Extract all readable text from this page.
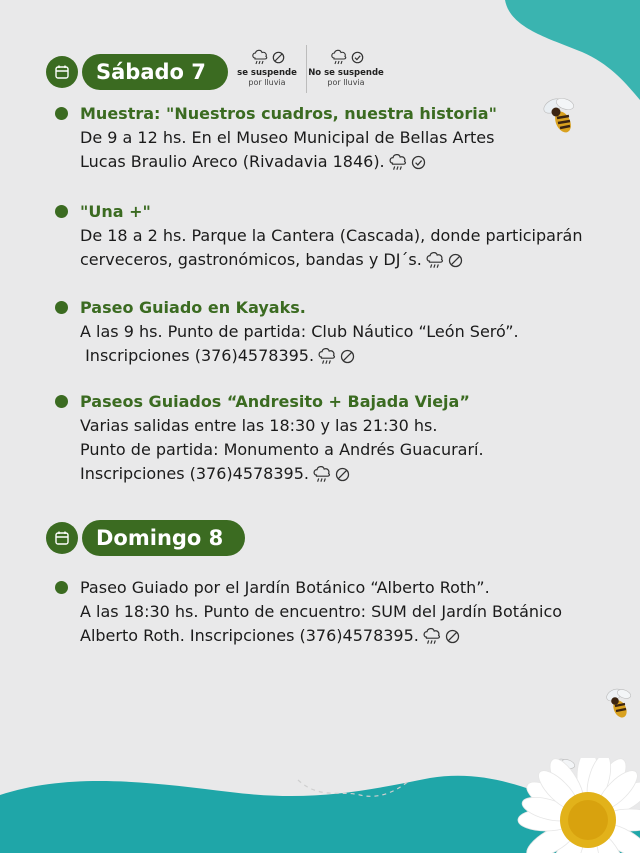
se suspende
por lluvia
No se suspende
por lluvia
Sábado 7
Muestra: "Nuestros cuadros, nuestra historia"
De 9 a 12 hs. En el Museo Municipal de Bellas Artes
Lucas Braulio Areco (Rivadavia 1846).
"Una +"
De 18 a 2 hs. Parque la Cantera (Cascada), donde participarán
cerveceros, gastronómicos, bandas y DJ´s.
Paseo Guiado en Kayaks.
A las 9 hs. Punto de partida: Club Náutico “León Seró”.
Inscripciones (376)4578395.
Paseos Guiados “Andresito + Bajada Vieja”
Varias salidas entre las 18:30 y las 21:30 hs.
Punto de partida: Monumento a Andrés Guacurarí.
Inscripciones (376)4578395.
Domingo 8
Paseo Guiado por el Jardín Botánico “Alberto Roth”.
A las 18:30 hs. Punto de encuentro: SUM del Jardín Botánico
Alberto Roth. Inscripciones (376)4578395.
